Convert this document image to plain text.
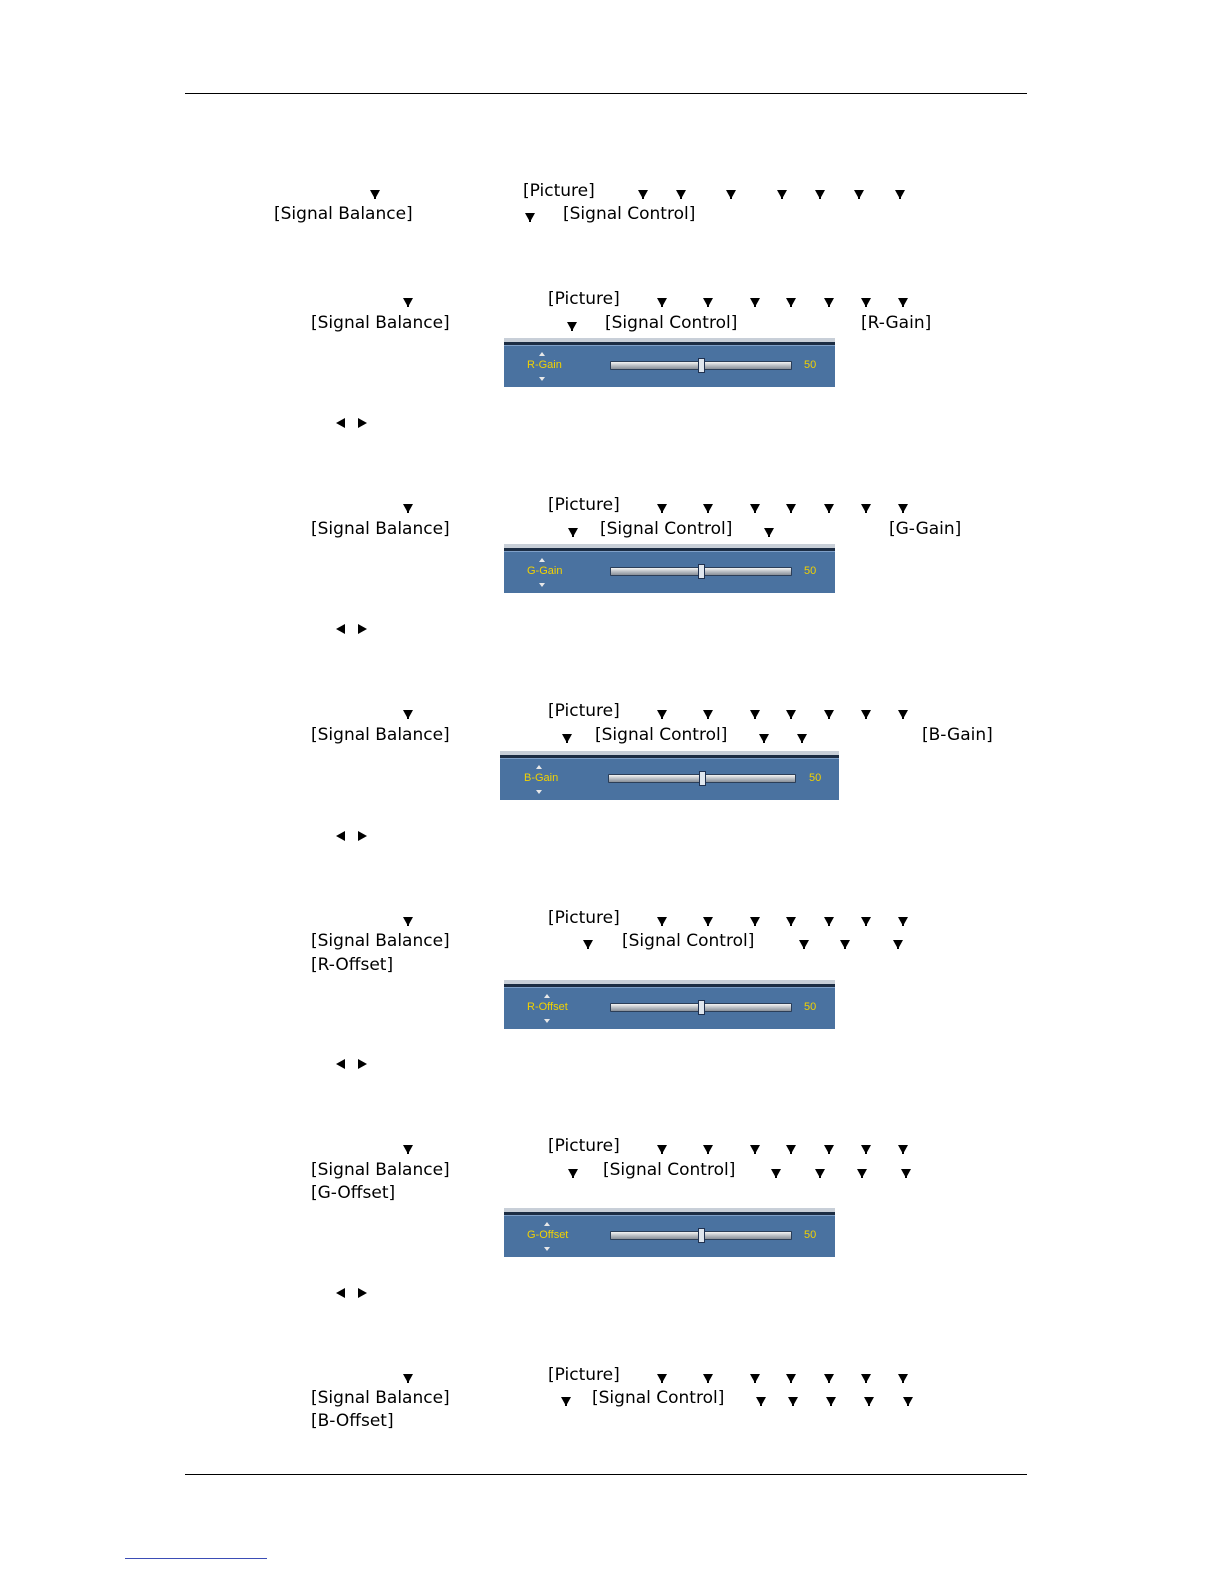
[Picture]
[Signal Balance]	[Signal Control]
[Picture]
[Signal Balance]	[Signal Control]	[R-Gain]
R-Gain	50
[Picture]
[Signal Balance]	[Signal Control]	[G-Gain]
G-Gain	50
[Picture]
[Signal Balance]	[Signal Control]	[B-Gain]
B-Gain	50
[Picture]
[Signal Balance]	[Signal Control]
[R-Offset]
R-Offset	50
[Picture]
[Signal Balance]	[Signal Control]
[G-Offset]
G-Offset	50
[Picture]
[Signal Balance]	[Signal Control]
[B-Offset]
